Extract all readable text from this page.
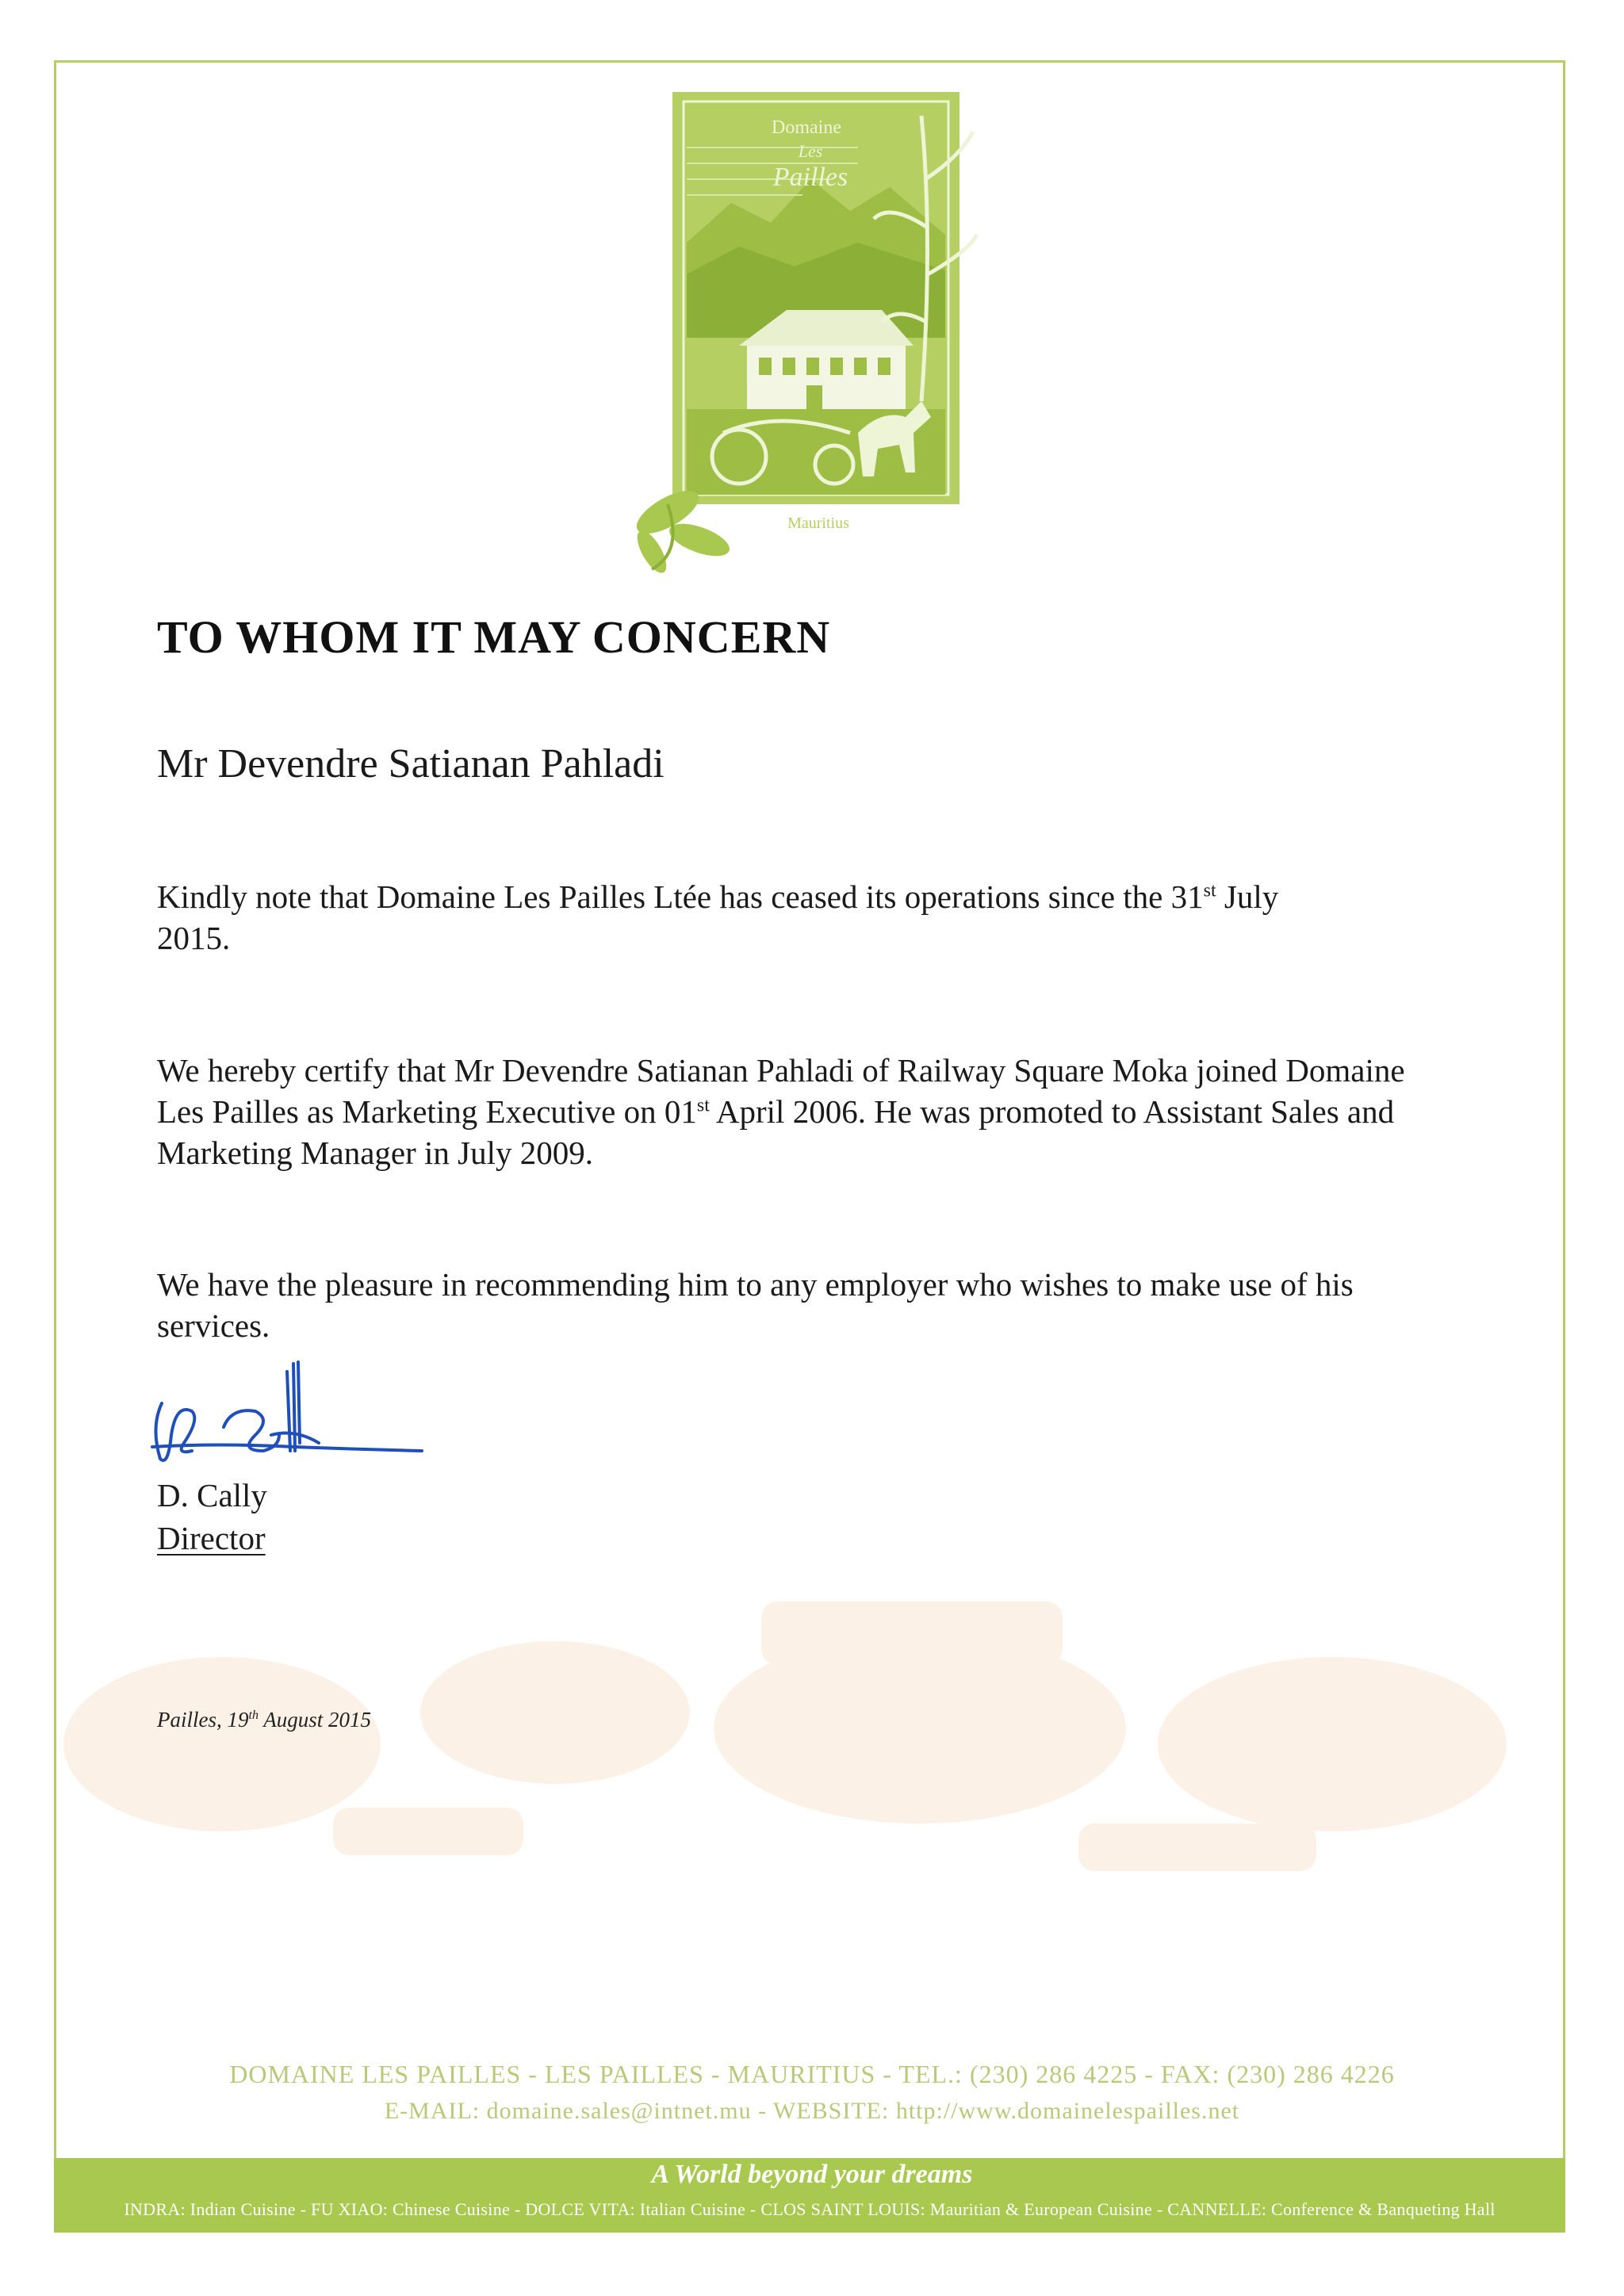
Domaine
Les
Pailles
Mauritius
TO WHOM IT MAY CONCERN

Mr Devendre Satianan Pahladi

Kindly note that Domaine Les Pailles Ltée has ceased its operations since the 31st July
2015.

We hereby certify that Mr Devendre Satianan Pahladi of Railway Square Moka joined Domaine Les Pailles as Marketing Executive on 01st April 2006. He was promoted to Assistant Sales and Marketing Manager in July 2009.

We have the pleasure in recommending him to any employer who wishes to make use of his services.

D. Cally

Director

Pailles, 19th August 2015

DOMAINE LES PAILLES - LES PAILLES - MAURITIUS - TEL.: (230) 286 4225 - FAX: (230) 286 4226

E-MAIL: domaine.sales@intnet.mu - WEBSITE: http://www.domainelespailles.net

A World beyond your dreams

INDRA: Indian Cuisine - FU XIAO: Chinese Cuisine - DOLCE VITA: Italian Cuisine - CLOS SAINT LOUIS: Mauritian & European Cuisine - CANNELLE: Conference & Banqueting Hall
